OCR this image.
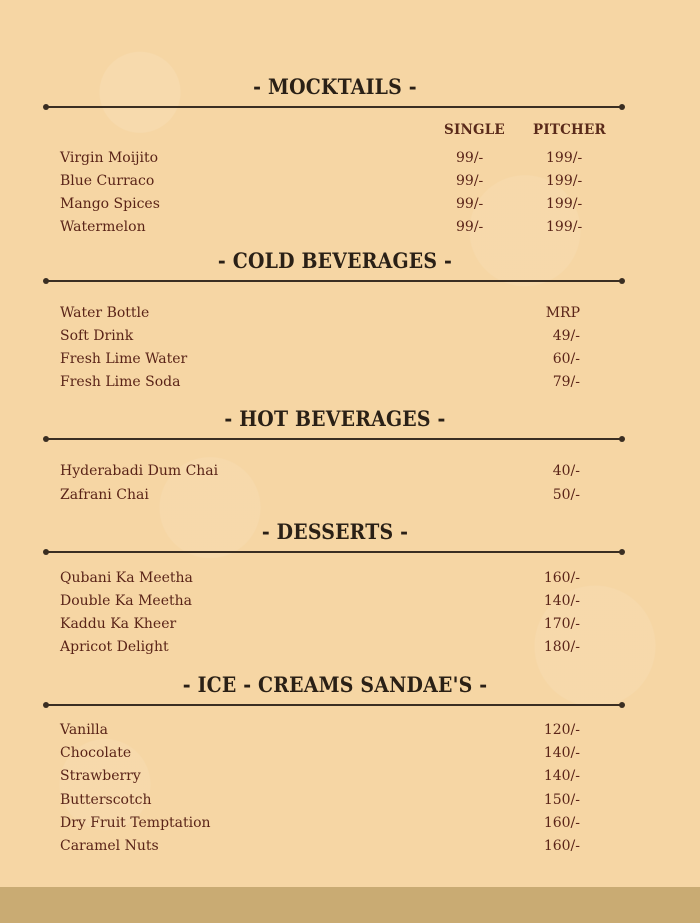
- MOCKTAILS -
SINGLE PITCHER
Virgin Moijito	99/-	199/-
Blue Curraco	99/-	199/-
Mango Spices	99/-	199/-
Watermelon	99/-	199/-
- COLD BEVERAGES -
Water Bottle	MRP
Soft Drink	49/-
Fresh Lime Water	60/-
Fresh Lime Soda	79/-
- HOT BEVERAGES -
Hyderabadi Dum Chai	40/-
Zafrani Chai	50/-
- DESSERTS -
Qubani Ka Meetha	160/-
Double Ka Meetha	140/-
Kaddu Ka Kheer	170/-
Apricot Delight	180/-
- ICE - CREAMS SANDAE'S -
Vanilla	120/-
Chocolate	140/-
Strawberry	140/-
Butterscotch	150/-
Dry Fruit Temptation	160/-
Caramel Nuts	160/-
